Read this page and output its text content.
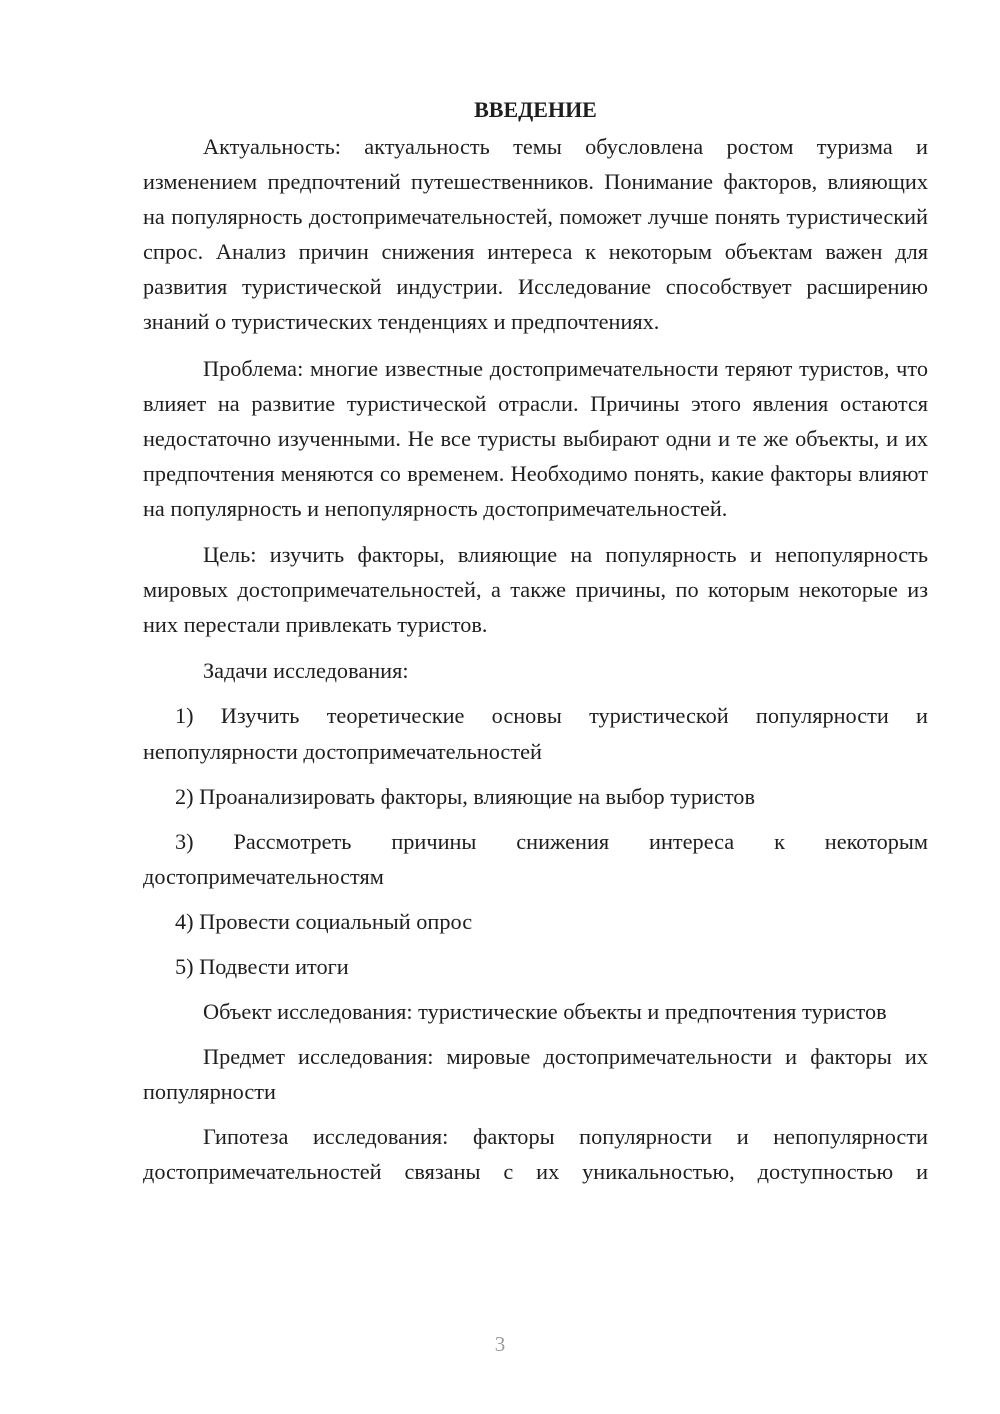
ВВЕДЕНИЕ

Актуальность: актуальность темы обусловлена ростом туризма и изменением предпочтений путешественников. Понимание факторов, влияющих на популярность достопримечательностей, поможет лучше понять туристический спрос. Анализ причин снижения интереса к некоторым объектам важен для развития туристической индустрии. Исследование способствует расширению знаний о туристических тенденциях и предпочтениях.

Проблема: многие известные достопримечательности теряют туристов, что влияет на развитие туристической отрасли. Причины этого явления остаются недостаточно изученными. Не все туристы выбирают одни и те же объекты, и их предпочтения меняются со временем. Необходимо понять, какие факторы влияют на популярность и непопулярность достопримечательностей.

Цель: изучить факторы, влияющие на популярность и непопулярность мировых достопримечательностей, а также причины, по которым некоторые из них перестали привлекать туристов.

Задачи исследования:

1) Изучить теоретические основы туристической популярности и непопулярности достопримечательностей

2) Проанализировать факторы, влияющие на выбор туристов

3) Рассмотреть причины снижения интереса к некоторым достопримечательностям

4) Провести социальный опрос

5) Подвести итоги

Объект исследования: туристические объекты и предпочтения туристов

Предмет исследования: мировые достопримечательности и факторы их популярности

Гипотеза исследования: факторы популярности и непопулярности достопримечательностей связаны с их уникальностью, доступностью и

3
